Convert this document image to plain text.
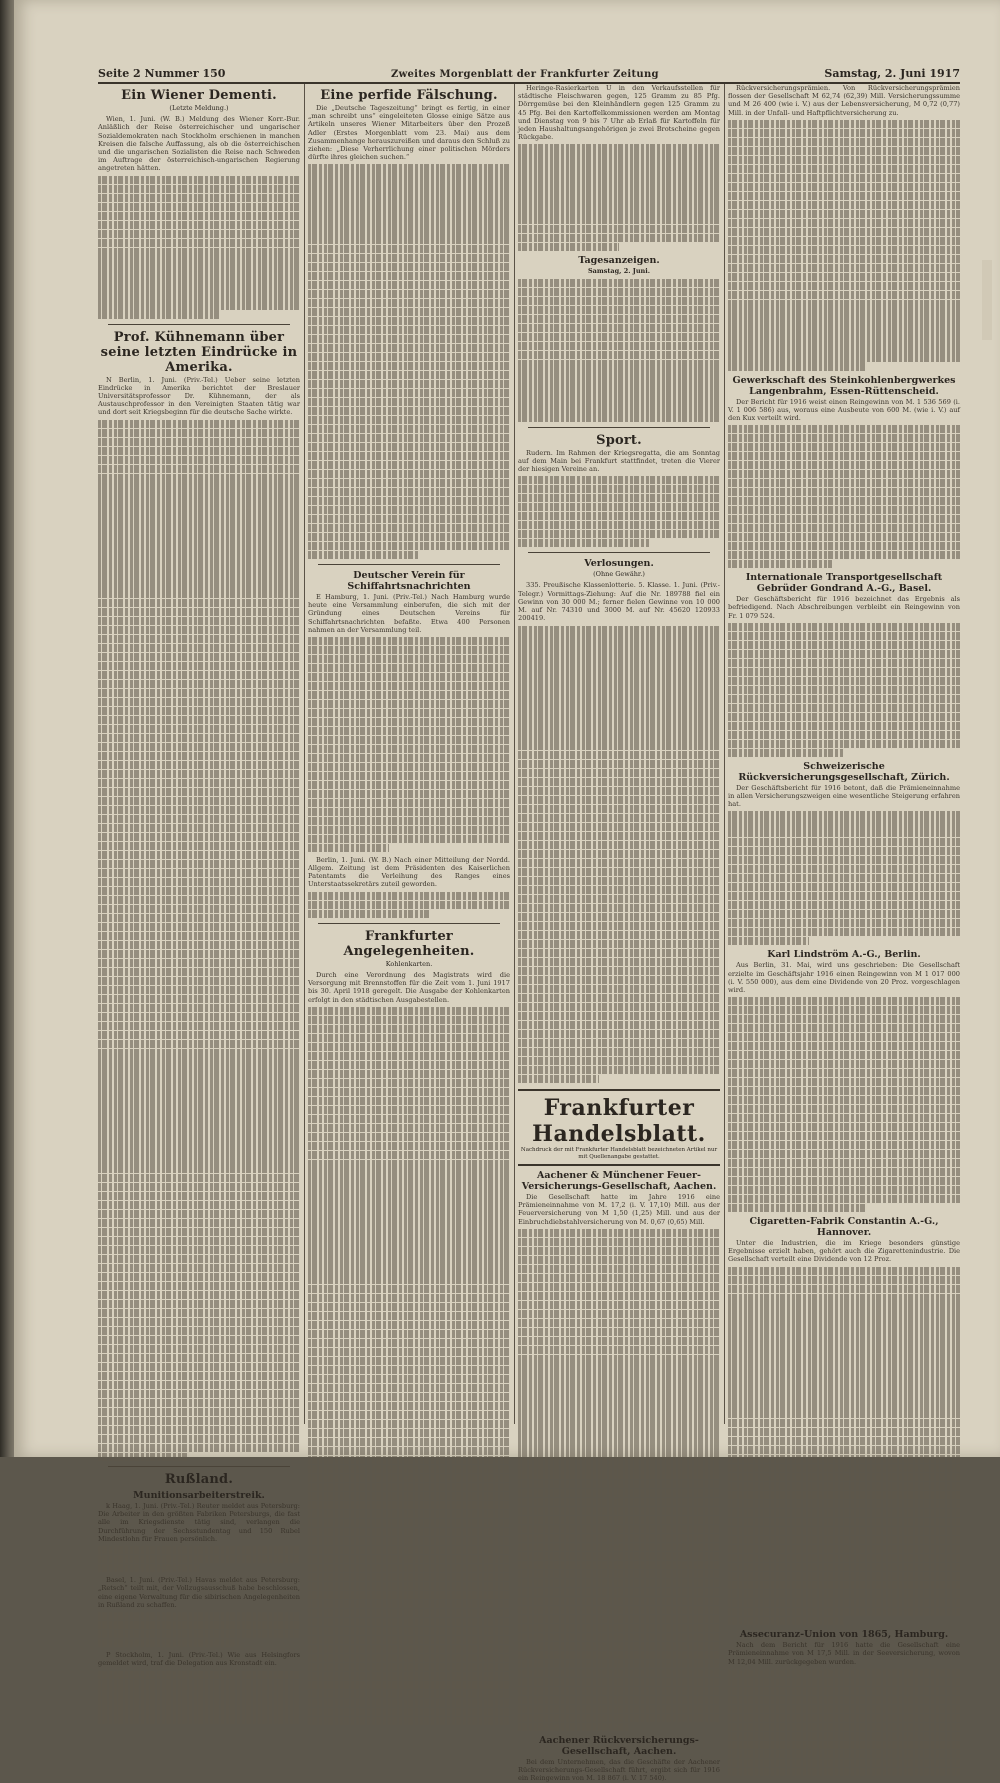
Seite 2 Nummer 150	Zweites Morgenblatt der Frankfurter Zeitung	Samstag, 2. Juni 1917
Ein Wiener Dementi.
(Letzte Meldung.)

Wien, 1. Juni. (W. B.) Meldung des Wiener Korr.-Bur. Anläßlich der Reise österreichischer und ungarischer Sozialdemokraten nach Stockholm erschienen in manchen Kreisen die falsche Auffassung, als ob die österreichischen und die ungarischen Sozialisten die Reise nach Schweden im Auftrage der österreichisch-ungarischen Regierung angetreten hätten.

Prof. Kühnemann über seine letzten Eindrücke in Amerika.

N Berlin, 1. Juni. (Priv.-Tel.) Ueber seine letzten Eindrücke in Amerika berichtet der Breslauer Universitätsprofessor Dr. Kühnemann, der als Austauschprofessor in den Vereinigten Staaten tätig war und dort seit Kriegsbeginn für die deutsche Sache wirkte.

Rußland.
Munitionsarbeiterstreik.

k Haag, 1. Juni. (Priv.-Tel.) Reuter meldet aus Petersburg: Die Arbeiter in den größten Fabriken Petersburgs, die fast alle im Kriegsdienste tätig sind, verlangen die Durchführung der Sechsstundentag und 150 Rubel Mindestlohn für Frauen persönlich.

Basel, 1. Juni. (Priv.-Tel.) Havas meldet aus Petersburg: „Retsch“ teilt mit, der Vollzugsausschuß habe beschlossen, eine eigene Verwaltung für die sibirischen Angelegenheiten in Rußland zu schaffen.

P Stockholm, 1. Juni. (Priv.-Tel.) Wie aus Helsingfors gemeldet wird, traf die Delegation aus Kronstadt ein.

Eine perfide Fälschung.

Die „Deutsche Tageszeitung“ bringt es fertig, in einer „man schreibt uns“ eingeleiteten Glosse einige Sätze aus Artikeln unseres Wiener Mitarbeiters über den Prozeß Adler (Erstes Morgenblatt vom 23. Mai) aus dem Zusammenhange herauszureißen und daraus den Schluß zu ziehen: „Diese Verherrlichung einer politischen Mörders dürfte ihres gleichen suchen.“

Deutscher Verein für Schiffahrtsnachrichten

E Hamburg, 1. Juni. (Priv.-Tel.) Nach Hamburg wurde heute eine Versammlung einberufen, die sich mit der Gründung eines Deutschen Vereins für Schiffahrtsnachrichten befaßte. Etwa 400 Personen nahmen an der Versammlung teil.

Berlin, 1. Juni. (W. B.) Nach einer Mitteilung der Nordd. Allgem. Zeitung ist dem Präsidenten des Kaiserlichen Patentamts die Verleihung des Ranges eines Unterstaatssekretärs zuteil geworden.

Frankfurter Angelegenheiten.
Kohlenkarten.

Durch eine Verordnung des Magistrats wird die Versorgung mit Brennstoffen für die Zeit vom 1. Juni 1917 bis 30. April 1918 geregelt. Die Ausgabe der Kohlenkarten erfolgt in den städtischen Ausgabestellen.

Heringe-Rasierkarten U in den Verkaufsstellen für städtische Fleischwaren gegen, 125 Gramm zu 85 Pfg. Dörrgemüse bei den Kleinhändlern gegen 125 Gramm zu 45 Pfg. Bei den Kartoffelkommissionen werden am Montag und Dienstag von 9 bis 7 Uhr ab Erlaß für Kartoffeln für jeden Haushaltungsangehörigen je zwei Brotscheine gegen Rückgabe.

Tagesanzeigen.
Samstag, 2. Juni.
Sport.

Rudern. Im Rahmen der Kriegsregatta, die am Sonntag auf dem Main bei Frankfurt stattfindet, treten die Vierer der hiesigen Vereine an.

Verlosungen.
(Ohne Gewähr.)

335. Preußische Klassenlotterie. 5. Klasse. 1. Juni. (Priv.-Telegr.) Vormittags-Ziehung: Auf die Nr. 189788 fiel ein Gewinn von 30 000 M.; ferner fielen Gewinne von 10 000 M. auf Nr. 74310 und 3000 M. auf Nr. 45620 120933 200419.

Frankfurter Handelsblatt.
Nachdruck der mit Frankfurter Handelsblatt bezeichneten Artikel nur mit Quellenangabe gestattet.
Aachener & Münchener Feuer-Versicherungs-Gesellschaft, Aachen.

Die Gesellschaft hatte im Jahre 1916 eine Prämieneinnahme von M. 17,2 (i. V. 17,10) Mill. aus der Feuerversicherung von M 1,50 (1,25) Mill. und aus der Einbruchdiebstahlversicherung von M. 0,67 (0,65) Mill.

Aachener Rückversicherungs-Gesellschaft, Aachen.

Bei dem Unternehmen, das die Geschäfte der Aachener Rückversicherungs-Gesellschaft führt, ergibt sich für 1916 ein Reingewinn von M. 18 867 (i. V. 17 540).

Rückversicherungsprämien. Von Rückversicherungsprämien flossen der Gesellschaft M 62,74 (62,39) Mill. Versicherungssumme und M 26 400 (wie i. V.) aus der Lebensversicherung, M 0,72 (0,77) Mill. in der Unfall- und Haftpflichtversicherung zu.

Gewerkschaft des Steinkohlenbergwerkes Langenbrahm, Essen-Rüttenscheid.

Der Bericht für 1916 weist einen Reingewinn von M. 1 536 569 (i. V. 1 006 586) aus, woraus eine Ausbeute von 600 M. (wie i. V.) auf den Kux verteilt wird.

Internationale Transportgesellschaft Gebrüder Gondrand A.-G., Basel.

Der Geschäftsbericht für 1916 bezeichnet das Ergebnis als befriedigend. Nach Abschreibungen verbleibt ein Reingewinn von Fr. 1 079 524.

Schweizerische Rückversicherungsgesellschaft, Zürich.

Der Geschäftsbericht für 1916 betont, daß die Prämieneinnahme in allen Versicherungszweigen eine wesentliche Steigerung erfahren hat.

Karl Lindström A.-G., Berlin.

Aus Berlin, 31. Mai, wird uns geschrieben: Die Gesellschaft erzielte im Geschäftsjahr 1916 einen Reingewinn von M 1 017 000 (i. V. 550 000), aus dem eine Dividende von 20 Proz. vorgeschlagen wird.

Cigaretten-Fabrik Constantin A.-G., Hannover.

Unter die Industrien, die im Kriege besonders günstige Ergebnisse erzielt haben, gehört auch die Zigarettenindustrie. Die Gesellschaft verteilt eine Dividende von 12 Proz.

Assecuranz-Union von 1865, Hamburg.

Nach dem Bericht für 1916 hatte die Gesellschaft eine Prämieneinnahme von M 17,5 Mill. in der Seeversicherung, wovon M 12,04 Mill. zurückgegeben wurden.
